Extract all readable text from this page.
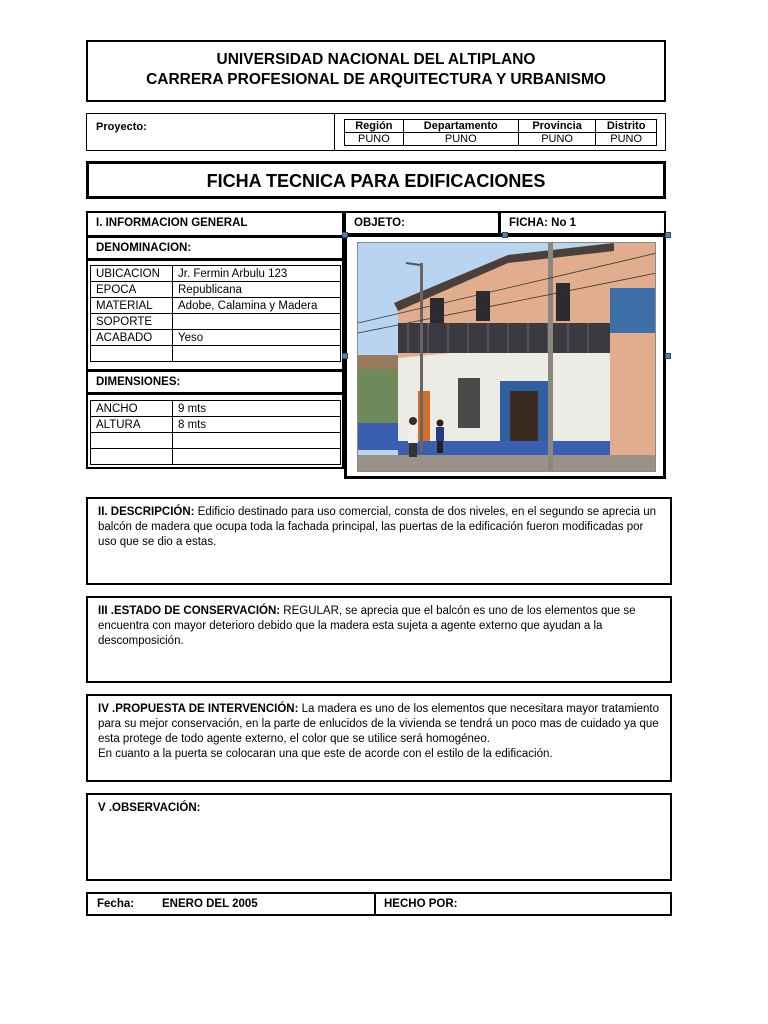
UNIVERSIDAD NACIONAL DEL ALTIPLANO
CARRERA PROFESIONAL DE ARQUITECTURA Y URBANISMO
Proyecto:	Región	Departamento	Provincia	Distrito
PUNO	PUNO	PUNO	PUNO
FICHA TECNICA PARA EDIFICACIONES
I. INFORMACION GENERAL
DENOMINACION:
UBICACION	Jr. Fermin Arbulu 123
EPOCA	Republicana
MATERIAL	Adobe, Calamina y Madera
SOPORTE	
ACABADO	Yeso

DIMENSIONES:
ANCHO	9 mts
ALTURA	8 mts

OBJETO:	FICHA: No 1
II. DESCRIPCIÓN: Edificio destinado para uso comercial, consta de dos niveles, en el segundo se aprecia un balcón de madera que ocupa toda la fachada principal, las puertas de la edificación fueron modificadas por uso que se dio a estas.
III .ESTADO DE CONSERVACIÓN: REGULAR, se aprecia que el balcón es uno de los elementos que se encuentra con mayor deterioro debido que la madera esta sujeta a agente externo que ayudan a la descomposición.
IV .PROPUESTA DE INTERVENCIÓN: La madera es uno de los elementos que necesitara mayor tratamiento para su mejor conservación, en la parte de enlucidos de la vivienda se tendrá un poco mas de cuidado ya que esta protege de todo agente externo, el color que se utilice será homogéneo.
En cuanto a la puerta se colocaran una que este de acorde con el estilo de la edificación.
V .OBSERVACIÓN:
Fecha: ENERO DEL 2005	HECHO POR:
